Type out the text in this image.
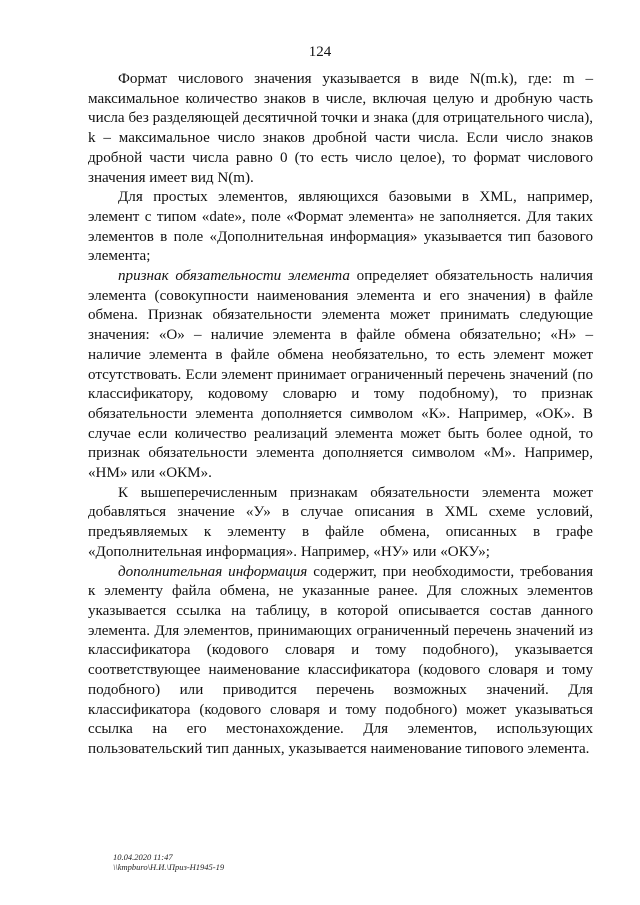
124

Формат числового значения указывается в виде N(m.k), где: m – максимальное количество знаков в числе, включая целую и дробную часть числа без разделяющей десятичной точки и знака (для отрицательного числа), k – максимальное число знаков дробной части числа. Если число знаков дробной части числа равно 0 (то есть число целое), то формат числового значения имеет вид N(m).

Для простых элементов, являющихся базовыми в XML, например, элемент с типом «date», поле «Формат элемента» не заполняется. Для таких элементов в поле «Дополнительная информация» указывается тип базового элемента;

признак обязательности элемента определяет обязательность наличия элемента (совокупности наименования элемента и его значения) в файле обмена. Признак обязательности элемента может принимать следующие значения: «О» – наличие элемента в файле обмена обязательно; «Н» – наличие элемента в файле обмена необязательно, то есть элемент может отсутствовать. Если элемент принимает ограниченный перечень значений (по классификатору, кодовому словарю и тому подобному), то признак обязательности элемента дополняется символом «К». Например, «ОК». В случае если количество реализаций элемента может быть более одной, то признак обязательности элемента дополняется символом «М». Например, «НМ» или «ОКМ».

К вышеперечисленным признакам обязательности элемента может добавляться значение «У» в случае описания в XML схеме условий, предъявляемых к элементу в файле обмена, описанных в графе «Дополнительная информация». Например, «НУ» или «ОКУ»;

дополнительная информация содержит, при необходимости, требования к элементу файла обмена, не указанные ранее. Для сложных элементов указывается ссылка на таблицу, в которой описывается состав данного элемента. Для элементов, принимающих ограниченный перечень значений из классификатора (кодового словаря и тому подобного), указывается соответствующее наименование классификатора (кодового словаря и тому подобного) или приводится перечень возможных значений. Для классификатора (кодового словаря и тому подобного) может указываться ссылка на его местонахождение. Для элементов, использующих пользовательский тип данных, указывается наименование типового элемента.

10.04.2020 11:47
\\kmpburo\Н.И.\Приз-Н1945-19
